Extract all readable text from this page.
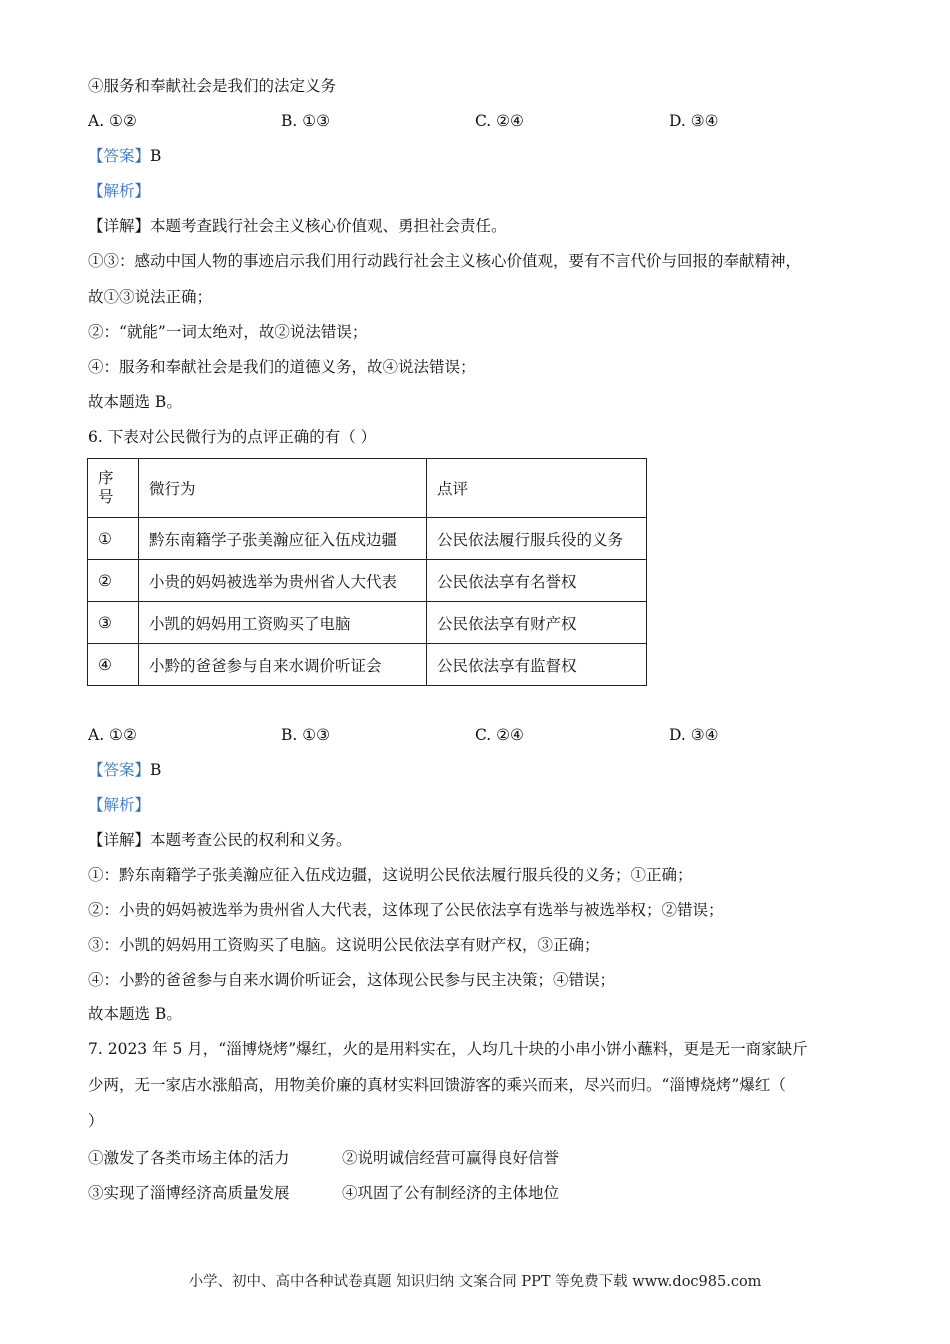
④服务和奉献社会是我们的法定义务
A. ①②	B. ①③	C. ②④	D. ③④
【答案】B
【解析】
【详解】本题考查践行社会主义核心价值观、勇担社会责任。
①③：感动中国人物的事迹启示我们用行动践行社会主义核心价值观，要有不言代价与回报的奉献精神，
故①③说法正确；
②：“就能”一词太绝对，故②说法错误；
④：服务和奉献社会是我们的道德义务，故④说法错误；
故本题选 B。
6. 下表对公民微行为的点评正确的有（ ）
序号	微行为	点评
①	黔东南籍学子张美瀚应征入伍戍边疆	公民依法履行服兵役的义务
②	小贵的妈妈被选举为贵州省人大代表	公民依法享有名誉权
③	小凯的妈妈用工资购买了电脑	公民依法享有财产权
④	小黔的爸爸参与自来水调价听证会	公民依法享有监督权
A. ①②	B. ①③	C. ②④	D. ③④
【答案】B
【解析】
【详解】本题考查公民的权利和义务。
①：黔东南籍学子张美瀚应征入伍戍边疆，这说明公民依法履行服兵役的义务；①正确；
②：小贵的妈妈被选举为贵州省人大代表，这体现了公民依法享有选举与被选举权；②错误；
③：小凯的妈妈用工资购买了电脑。这说明公民依法享有财产权，③正确；
④：小黔的爸爸参与自来水调价听证会，这体现公民参与民主决策；④错误；
故本题选 B。
7. 2023 年 5 月，“淄博烧烤”爆红，火的是用料实在，人均几十块的小串小饼小蘸料，更是无一商家缺斤
少两，无一家店水涨船高，用物美价廉的真材实料回馈游客的乘兴而来，尽兴而归。“淄博烧烤”爆红（
）
①激发了各类市场主体的活力	②说明诚信经营可赢得良好信誉
③实现了淄博经济高质量发展	④巩固了公有制经济的主体地位
小学、初中、高中各种试卷真题 知识归纳 文案合同 PPT 等免费下载 www.doc985.com
